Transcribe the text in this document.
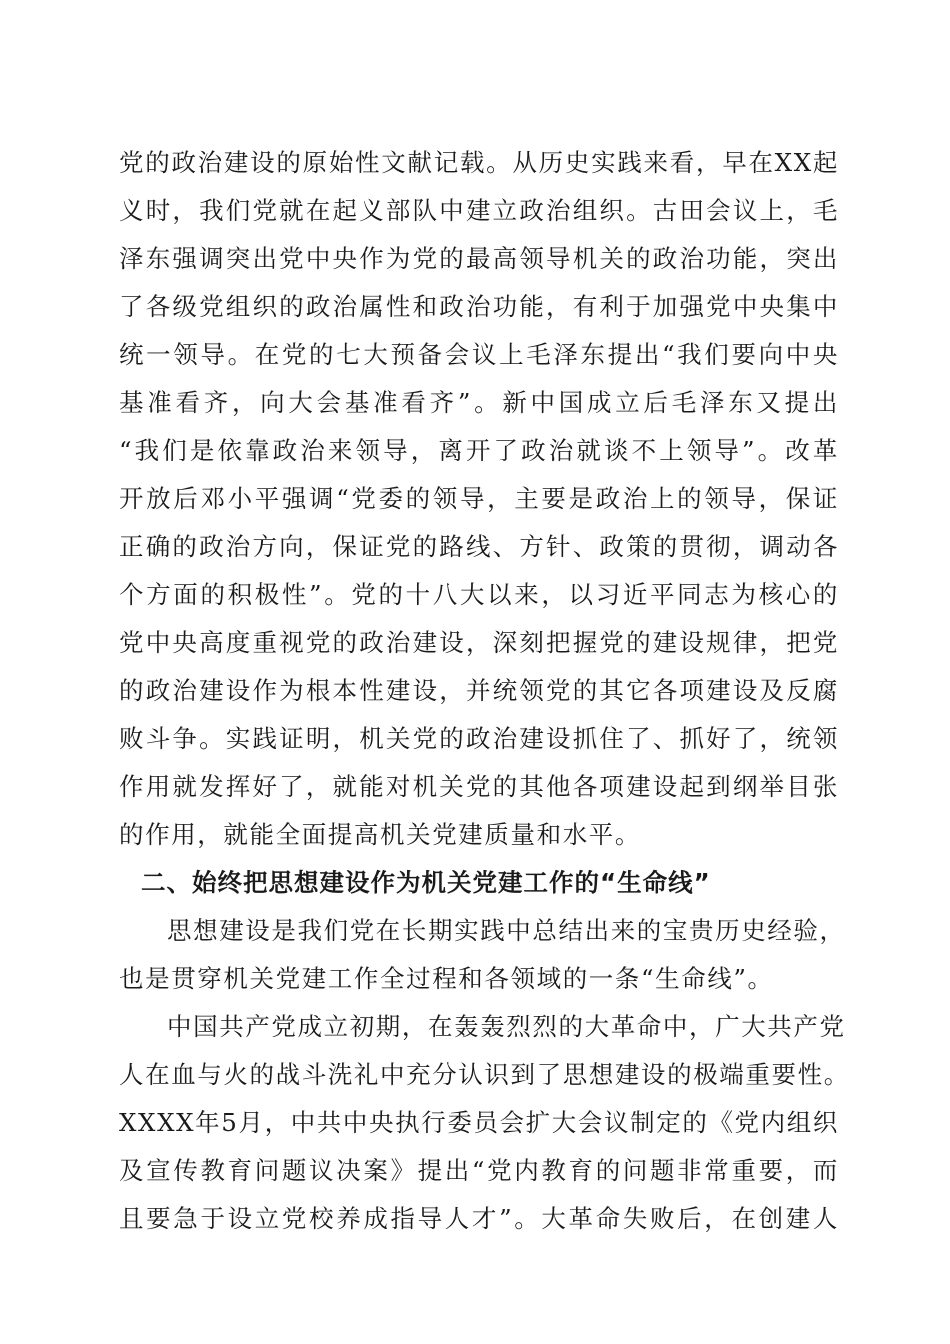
党的政治建设的原始性文献记载。从历史实践来看，早在XX起
义时，我们党就在起义部队中建立政治组织。古田会议上，毛
泽东强调突出党中央作为党的最高领导机关的政治功能，突出
了各级党组织的政治属性和政治功能，有利于加强党中央集中
统一领导。在党的七大预备会议上毛泽东提出“我们要向中央
基准看齐，向大会基准看齐”。新中国成立后毛泽东又提出
“我们是依靠政治来领导，离开了政治就谈不上领导”。改革
开放后邓小平强调“党委的领导，主要是政治上的领导，保证
正确的政治方向，保证党的路线、方针、政策的贯彻，调动各
个方面的积极性”。党的十八大以来，以习近平同志为核心的
党中央高度重视党的政治建设，深刻把握党的建设规律，把党
的政治建设作为根本性建设，并统领党的其它各项建设及反腐
败斗争。实践证明，机关党的政治建设抓住了、抓好了，统领
作用就发挥好了，就能对机关党的其他各项建设起到纲举目张
的作用，就能全面提高机关党建质量和水平。
二、始终把思想建设作为机关党建工作的“生命线”
思想建设是我们党在长期实践中总结出来的宝贵历史经验，
也是贯穿机关党建工作全过程和各领域的一条“生命线”。
中国共产党成立初期，在轰轰烈烈的大革命中，广大共产党
人在血与火的战斗洗礼中充分认识到了思想建设的极端重要性。
XXXX年5月，中共中央执行委员会扩大会议制定的《党内组织
及宣传教育问题议决案》提出“党内教育的问题非常重要，而
且要急于设立党校养成指导人才”。大革命失败后，在创建人
